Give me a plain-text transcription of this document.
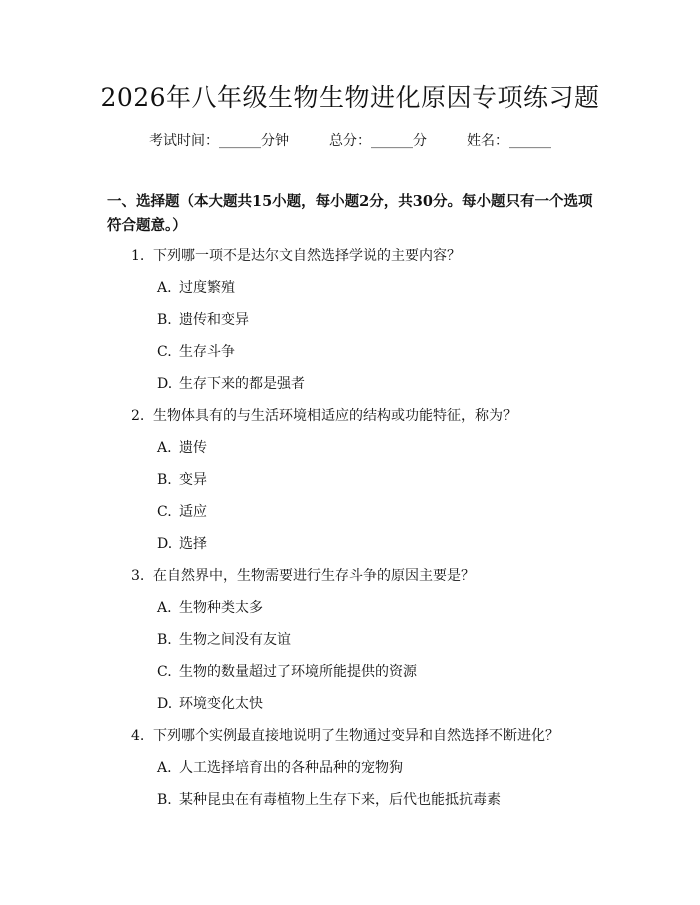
2026年八年级生物生物进化原因专项练习题
考试时间：______分钟	总分：______分	姓名：______
一、选择题（本大题共15小题，每小题2分，共30分。每小题只有一个选项符合题意。）
1. 下列哪一项不是达尔文自然选择学说的主要内容？
A. 过度繁殖
B. 遗传和变异
C. 生存斗争
D. 生存下来的都是强者
2. 生物体具有的与生活环境相适应的结构或功能特征，称为？
A. 遗传
B. 变异
C. 适应
D. 选择
3. 在自然界中，生物需要进行生存斗争的原因主要是？
A. 生物种类太多
B. 生物之间没有友谊
C. 生物的数量超过了环境所能提供的资源
D. 环境变化太快
4. 下列哪个实例最直接地说明了生物通过变异和自然选择不断进化？
A. 人工选择培育出的各种品种的宠物狗
B. 某种昆虫在有毒植物上生存下来，后代也能抵抗毒素
